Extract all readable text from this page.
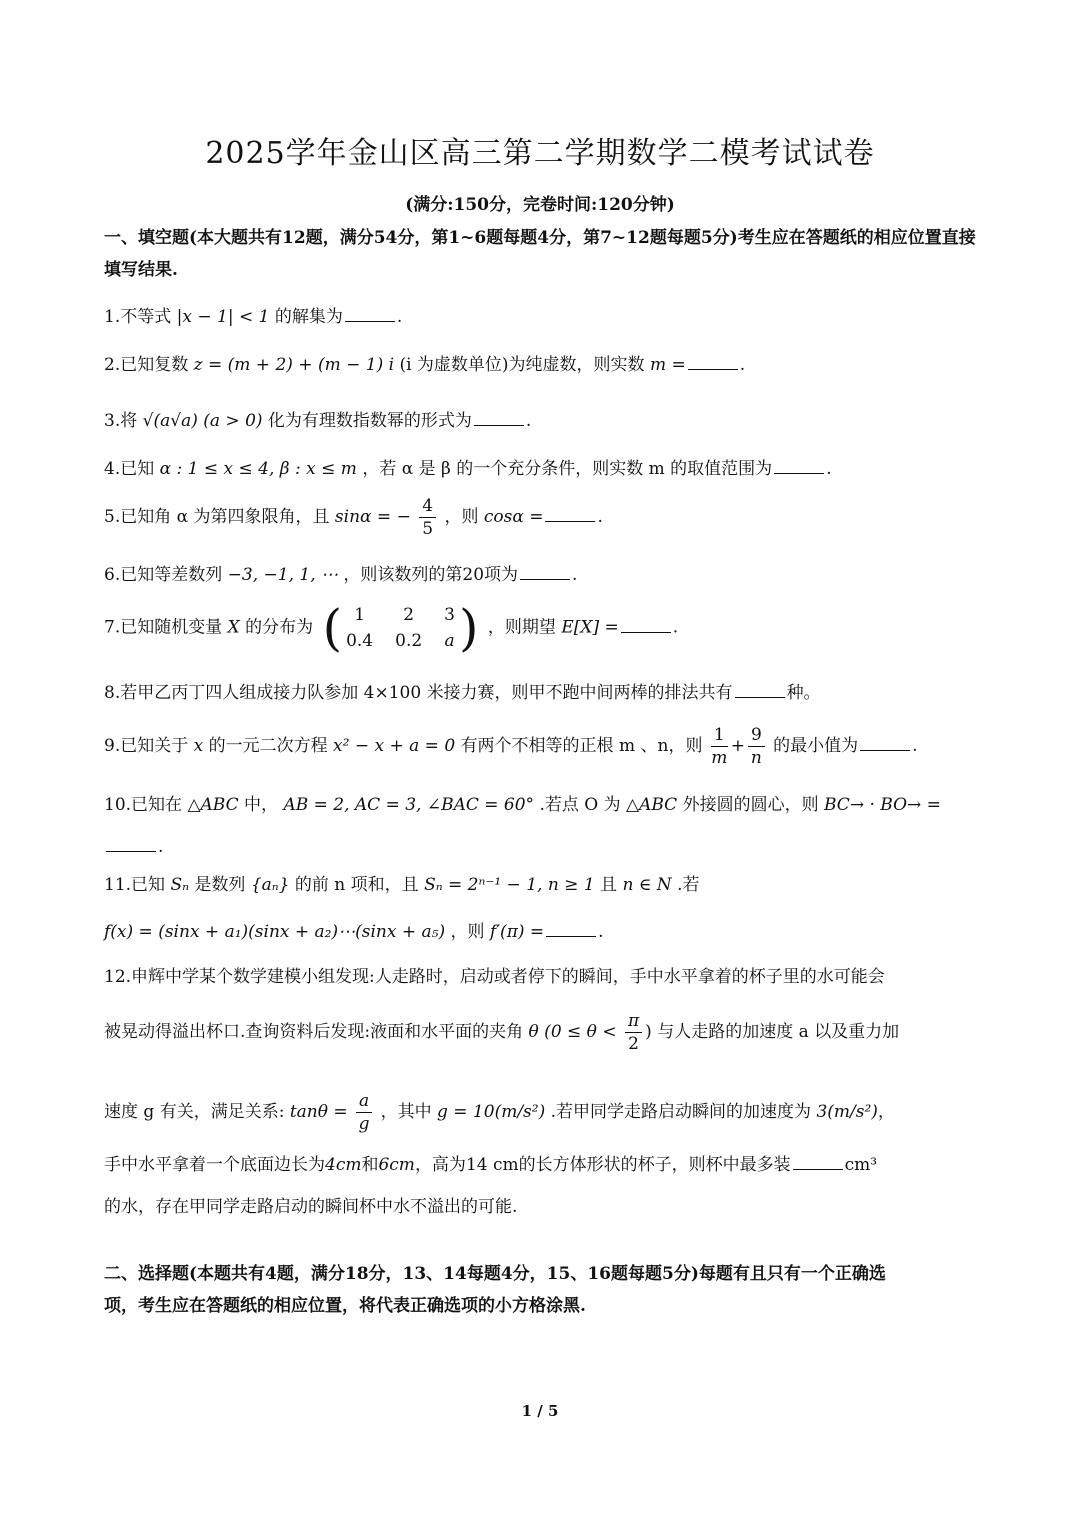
2025学年金山区高三第二学期数学二模考试试卷
(满分:150分，完卷时间:120分钟)
一、填空题(本大题共有12题，满分54分，第1~6题每题4分，第7~12题每题5分)考生应在答题纸的相应位置直接填写结果.
1.不等式 |x − 1| < 1 的解集为	.
2.已知复数 z = (m + 2) + (m − 1) i (i 为虚数单位)为纯虚数，则实数 m =	.
3.将 √(a√a) (a > 0) 化为有理数指数幂的形式为	.
4.已知 α : 1 ≤ x ≤ 4, β : x ≤ m ，若 α 是 β 的一个充分条件，则实数 m 的取值范围为	.
5.已知角 α 为第四象限角，且 sinα = − $\frac{4}{5}$ ，则 cosα =	.
6.已知等差数列 −3, −1, 1, ⋯ ，则该数列的第20项为	.
7.已知随机变量 X 的分布为 ( 1	2	3
0.4 0.2 a ) ，则期望 E[X] =	.
8.若甲乙丙丁四人组成接力队参加 4×100 米接力赛，则甲不跑中间两棒的排法共有	种。
9.已知关于 x 的一元二次方程 x² − x + a = 0 有两个不相等的正根 m 、n，则 $\frac{1}{m} + \frac{9}{n}$ 的最小值为	.
10.已知在 △ABC 中， AB = 2, AC = 3, ∠BAC = 60° .若点 O 为 △ABC 外接圆的圆心，则 BC→ · BO→ =
.
11.已知 Sₙ 是数列 {aₙ} 的前 n 项和，且 Sₙ = 2ⁿ⁻¹ − 1, n ≥ 1 且 n ∈ N .若
f(x) = (sinx + a₁)(sinx + a₂)⋯(sinx + a₅) ，则 f′(π) =	.
12.申辉中学某个数学建模小组发现:人走路时，启动或者停下的瞬间，手中水平拿着的杯子里的水可能会
被晃动得溢出杯口.查询资料后发现:液面和水平面的夹角 θ ($0 \le \theta < \frac{\pi}{2}$ ) 与人走路的加速度 a 以及重力加
速度 g 有关，满足关系: $\tan\theta = \frac{a}{g}$ ，其中 g = 10(m/s²) .若甲同学走路启动瞬间的加速度为 3(m/s²)，
手中水平拿着一个底面边长为4cm和6cm，高为14 cm的长方体形状的杯子，则杯中最多装	cm³
的水，存在甲同学走路启动的瞬间杯中水不溢出的可能.
二、选择题(本题共有4题，满分18分，13、14每题4分，15、16题每题5分)每题有且只有一个正确选
项，考生应在答题纸的相应位置，将代表正确选项的小方格涂黑.
1 / 5
